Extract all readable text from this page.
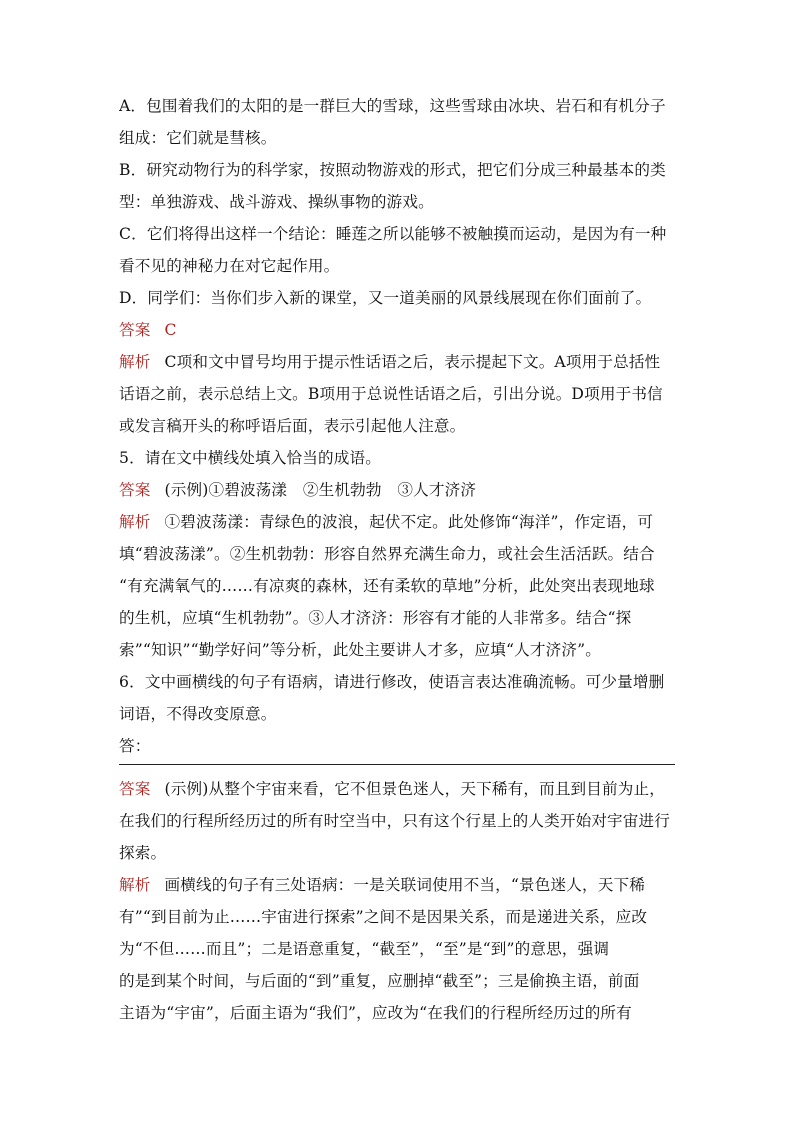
A．包围着我们的太阳的是一群巨大的雪球，这些雪球由冰块、岩石和有机分子
组成：它们就是彗核。
B．研究动物行为的科学家，按照动物游戏的形式，把它们分成三种最基本的类
型：单独游戏、战斗游戏、操纵事物的游戏。
C．它们将得出这样一个结论：睡莲之所以能够不被触摸而运动，是因为有一种
看不见的神秘力在对它起作用。
D．同学们：当你们步入新的课堂，又一道美丽的风景线展现在你们面前了。
答案 C
解析 C项和文中冒号均用于提示性话语之后，表示提起下文。A项用于总括性
话语之前，表示总结上文。B项用于总说性话语之后，引出分说。D项用于书信
或发言稿开头的称呼语后面，表示引起他人注意。
5．请在文中横线处填入恰当的成语。
答案 (示例)①碧波荡漾　②生机勃勃　③人才济济
解析 ①碧波荡漾：青绿色的波浪，起伏不定。此处修饰“海洋”，作定语，可
填“碧波荡漾”。②生机勃勃：形容自然界充满生命力，或社会生活活跃。结合
“有充满氧气的……有凉爽的森林，还有柔软的草地”分析，此处突出表现地球
的生机，应填“生机勃勃”。③人才济济：形容有才能的人非常多。结合“探
索”“知识”“勤学好问”等分析，此处主要讲人才多，应填“人才济济”。
6．文中画横线的句子有语病，请进行修改，使语言表达准确流畅。可少量增删
词语，不得改变原意。
答：
答案 (示例)从整个宇宙来看，它不但景色迷人，天下稀有，而且到目前为止，
在我们的行程所经历过的所有时空当中，只有这个行星上的人类开始对宇宙进行
探索。
解析 画横线的句子有三处语病：一是关联词使用不当，“景色迷人，天下稀
有”“到目前为止……宇宙进行探索”之间不是因果关系，而是递进关系，应改
为“不但……而且”；二是语意重复，“截至”，“至”是“到”的意思，强调
的是到某个时间，与后面的“到”重复，应删掉“截至”；三是偷换主语，前面
主语为“宇宙”，后面主语为“我们”，应改为“在我们的行程所经历过的所有
